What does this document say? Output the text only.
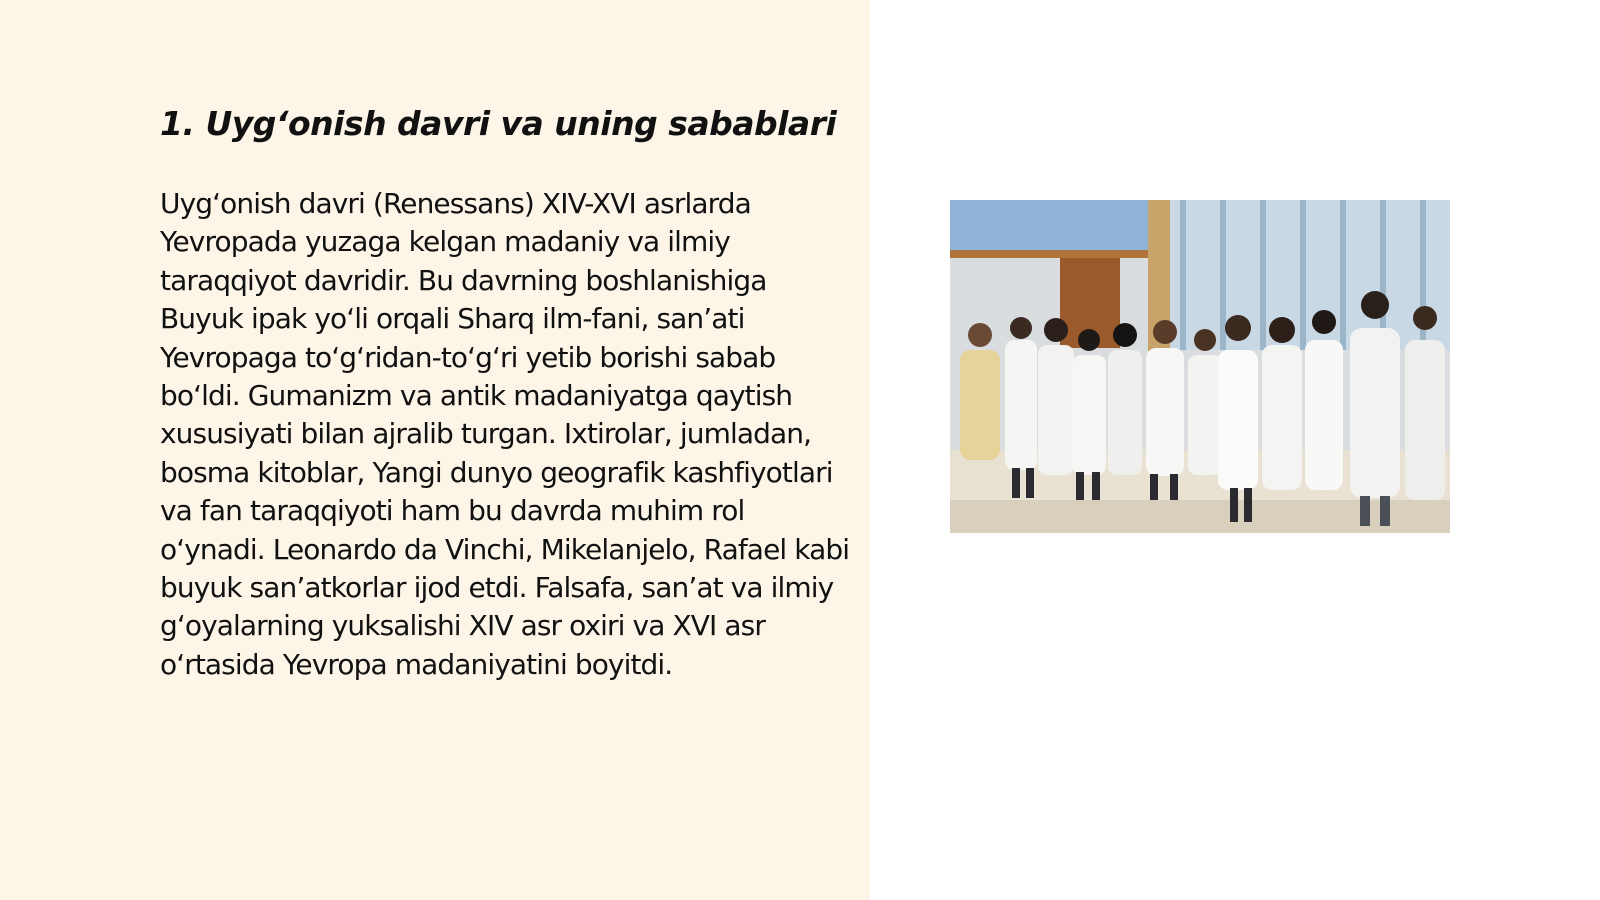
1. Uyg‘onish davri va uning sabablari

Uyg‘onish davri (Renessans) XIV-XVI asrlarda Yevropada yuzaga kelgan madaniy va ilmiy taraqqiyot davridir. Bu davrning boshlanishiga Buyuk ipak yo‘li orqali Sharq ilm-fani, san’ati Yevropaga to‘g‘ridan-to‘g‘ri yetib borishi sabab bo‘ldi. Gumanizm va antik madaniyatga qaytish xususiyati bilan ajralib turgan. Ixtirolar, jumladan, bosma kitoblar, Yangi dunyo geografik kashfiyotlari va fan taraqqiyoti ham bu davrda muhim rol o‘ynadi. Leonardo da Vinchi, Mikelanjelo, Rafael kabi buyuk san’atkorlar ijod etdi. Falsafa, san’at va ilmiy g‘oyalarning yuksalishi XIV asr oxiri va XVI asr o‘rtasida Yevropa madaniyatini boyitdi.
